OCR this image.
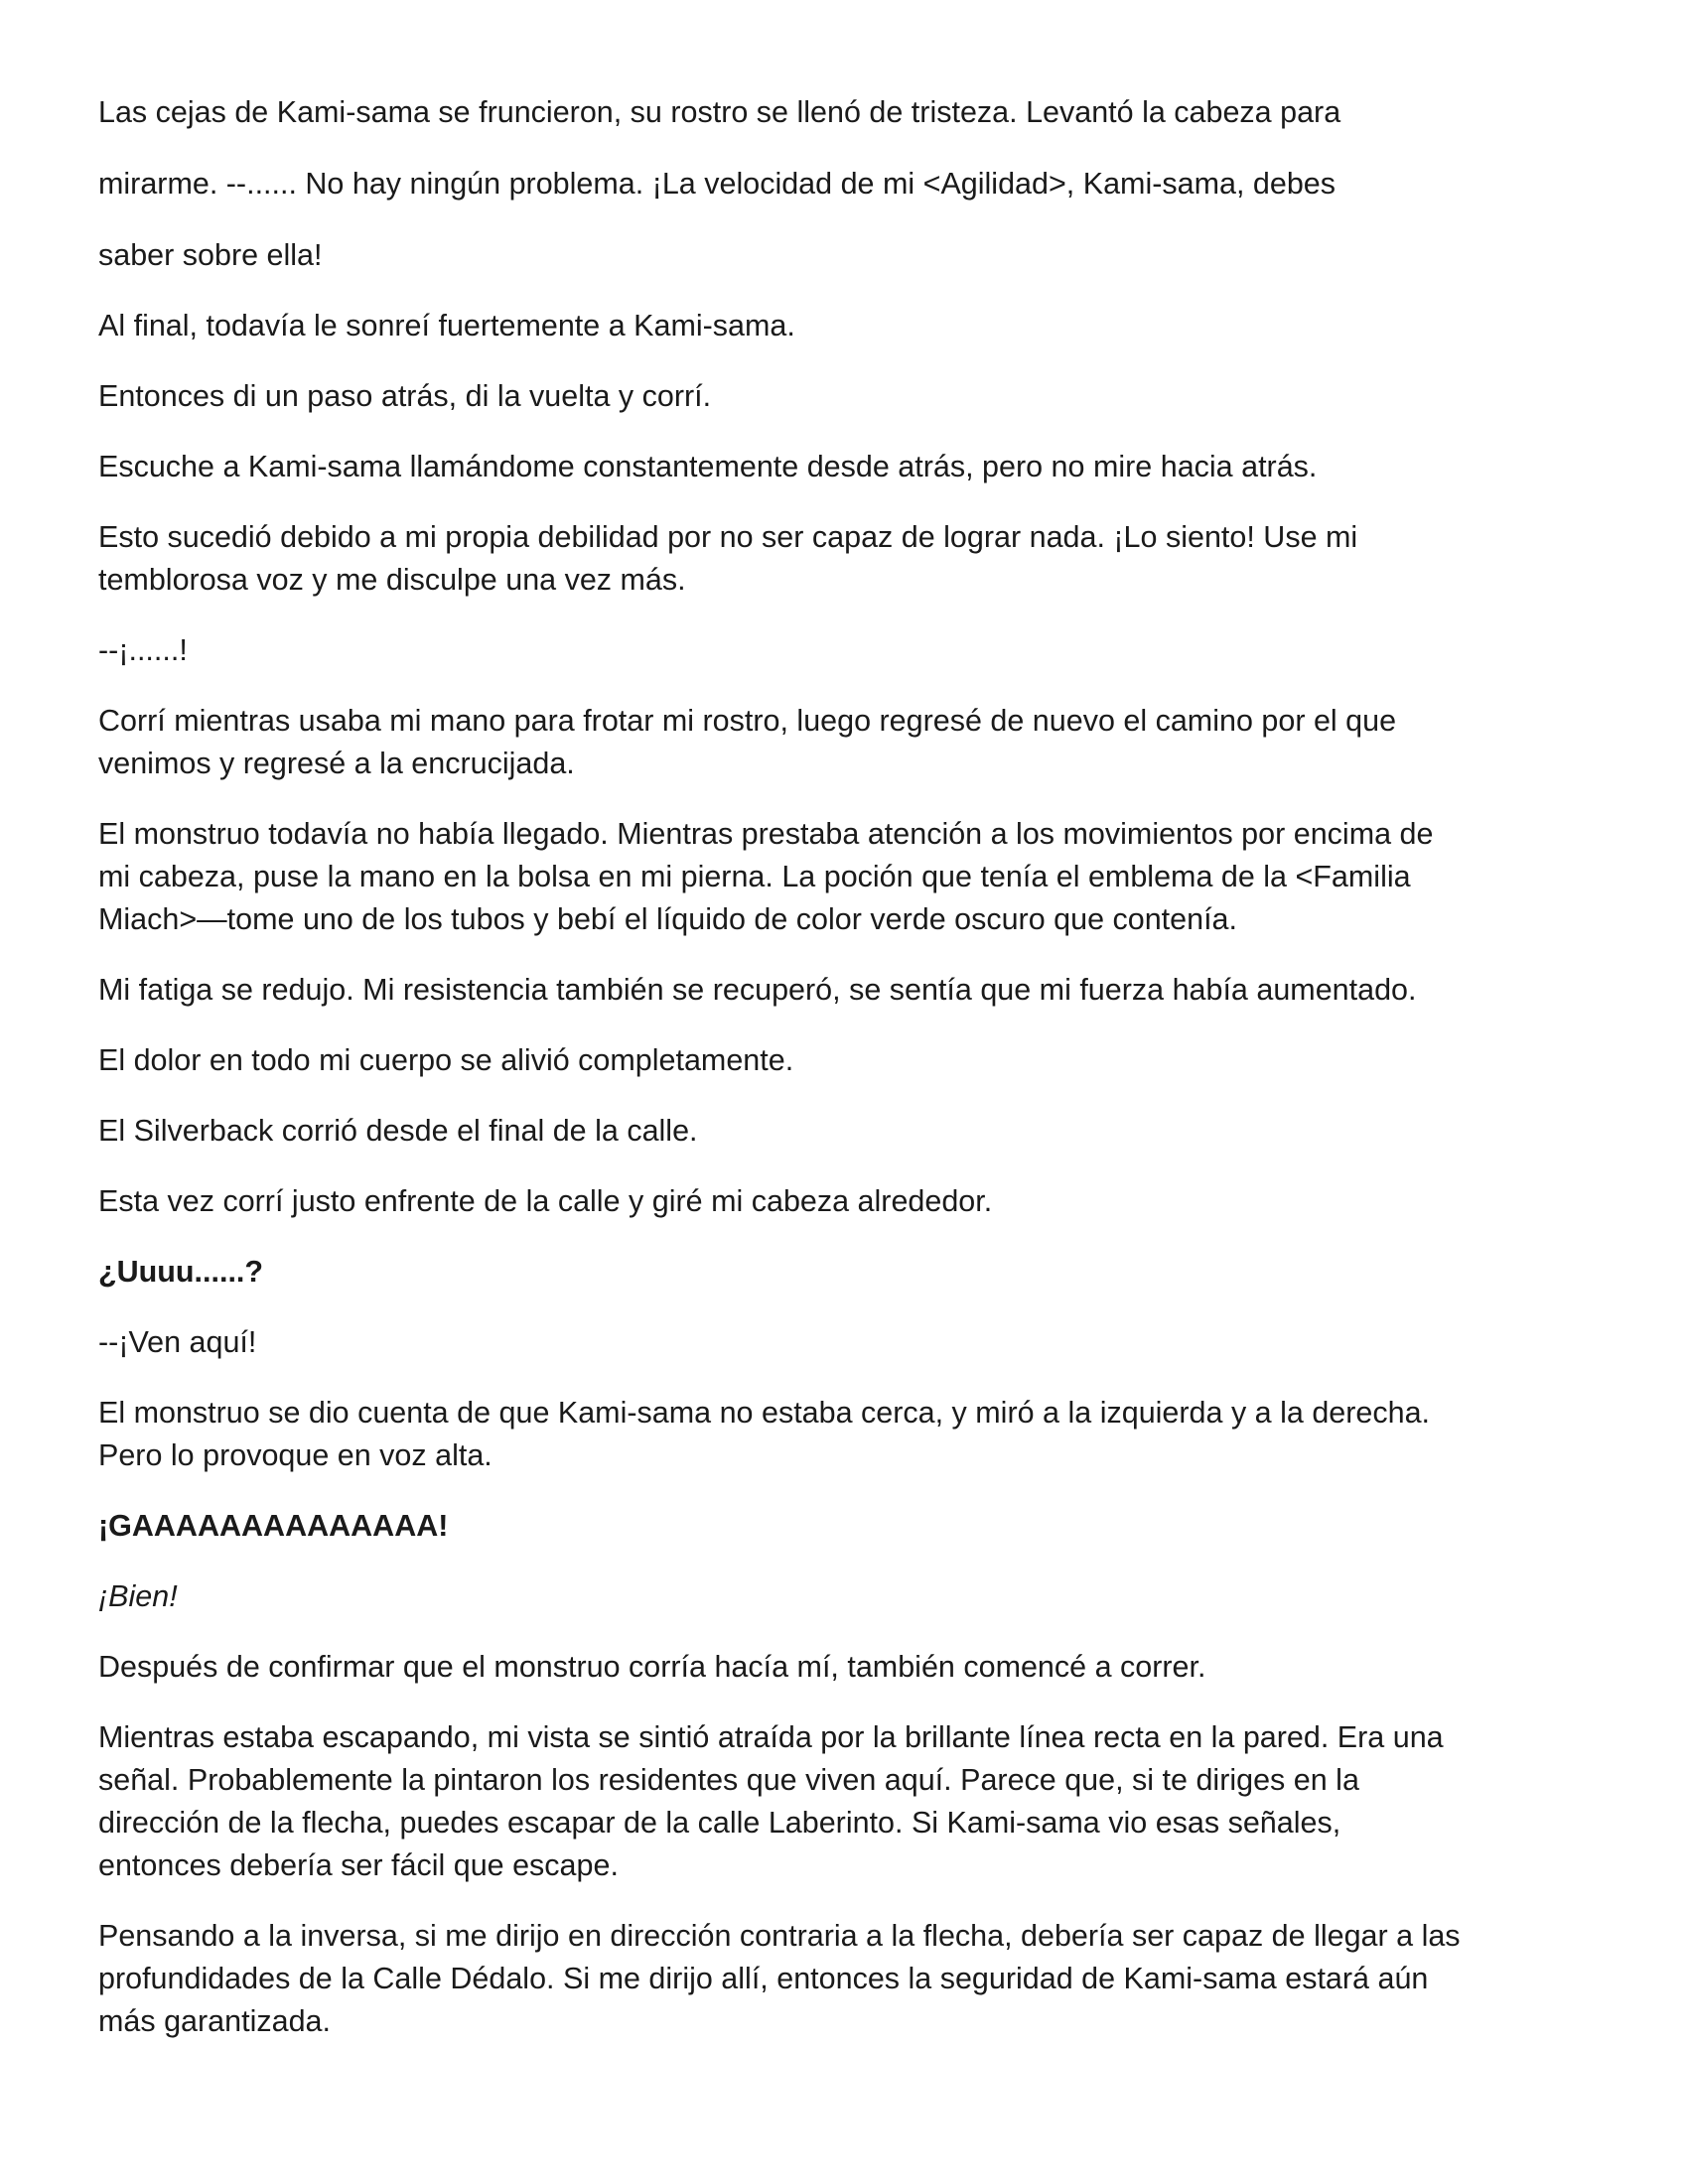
Las cejas de Kami-sama se fruncieron, su rostro se llenó de tristeza. Levantó la cabeza para

mirarme. --...... No hay ningún problema. ¡La velocidad de mi <Agilidad>, Kami-sama, debes

saber sobre ella!

Al final, todavía le sonreí fuertemente a Kami-sama.

Entonces di un paso atrás, di la vuelta y corrí.

Escuche a Kami-sama llamándome constantemente desde atrás, pero no mire hacia atrás.

Esto sucedió debido a mi propia debilidad por no ser capaz de lograr nada. ¡Lo siento! Use mi
temblorosa voz y me disculpe una vez más.

--¡......!

Corrí mientras usaba mi mano para frotar mi rostro, luego regresé de nuevo el camino por el que
venimos y regresé a la encrucijada.

El monstruo todavía no había llegado. Mientras prestaba atención a los movimientos por encima de
mi cabeza, puse la mano en la bolsa en mi pierna. La poción que tenía el emblema de la <Familia
Miach>—tome uno de los tubos y bebí el líquido de color verde oscuro que contenía.

Mi fatiga se redujo. Mi resistencia también se recuperó, se sentía que mi fuerza había aumentado.

El dolor en todo mi cuerpo se alivió completamente.

El Silverback corrió desde el final de la calle.

Esta vez corrí justo enfrente de la calle y giré mi cabeza alrededor.

¿Uuuu......?

--¡Ven aquí!

El monstruo se dio cuenta de que Kami-sama no estaba cerca, y miró a la izquierda y a la derecha.
Pero lo provoque en voz alta.

¡GAAAAAAAAAAAAAA!

¡Bien!

Después de confirmar que el monstruo corría hacía mí, también comencé a correr.

Mientras estaba escapando, mi vista se sintió atraída por la brillante línea recta en la pared. Era una
señal. Probablemente la pintaron los residentes que viven aquí. Parece que, si te diriges en la
dirección de la flecha, puedes escapar de la calle Laberinto. Si Kami-sama vio esas señales,
entonces debería ser fácil que escape.

Pensando a la inversa, si me dirijo en dirección contraria a la flecha, debería ser capaz de llegar a las
profundidades de la Calle Dédalo. Si me dirijo allí, entonces la seguridad de Kami-sama estará aún
más garantizada.
